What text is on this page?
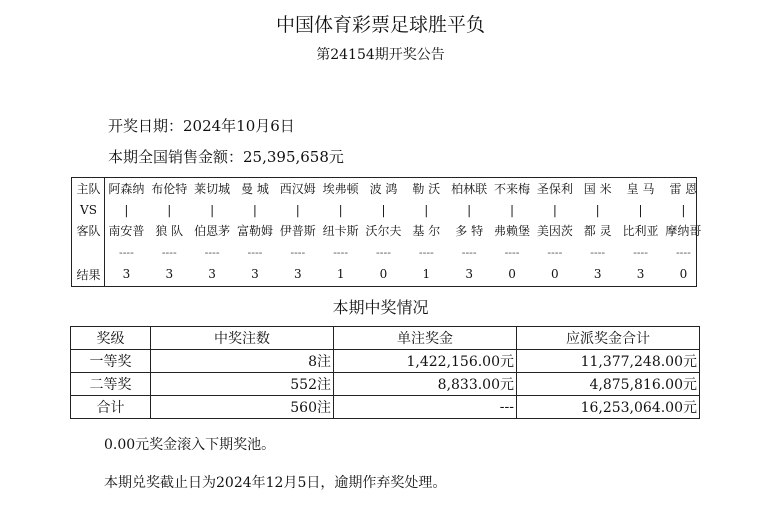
中国体育彩票足球胜平负
第24154期开奖公告
开奖日期：2024年10月6日
本期全国销售金额：25,395,658元
主队	阿森纳	布伦特	莱切城	曼 城	西汉姆	埃弗顿	波 鸿	勒 沃	柏林联	不来梅	圣保利	国 米	皇 马	雷 恩
VS	|	|	|	|	|	|	|	|	|	|	|	|	|	|
客队	南安普	狼 队	伯恩茅	富勒姆	伊普斯	纽卡斯	沃尔夫	基 尔	多 特	弗赖堡	美因茨	都 灵	比利亚	摩纳哥
	----	----	----	----	----	----	----	----	----	----	----	----	----	----
结果	3	3	3	3	3	1	0	1	3	0	0	3	3	0
本期中奖情况
奖级	中奖注数	单注奖金	应派奖金合计
一等奖	8注	1,422,156.00元	11,377,248.00元
二等奖	552注	8,833.00元	4,875,816.00元
合计	560注	---	16,253,064.00元
0.00元奖金滚入下期奖池。
本期兑奖截止日为2024年12月5日，逾期作弃奖处理。
